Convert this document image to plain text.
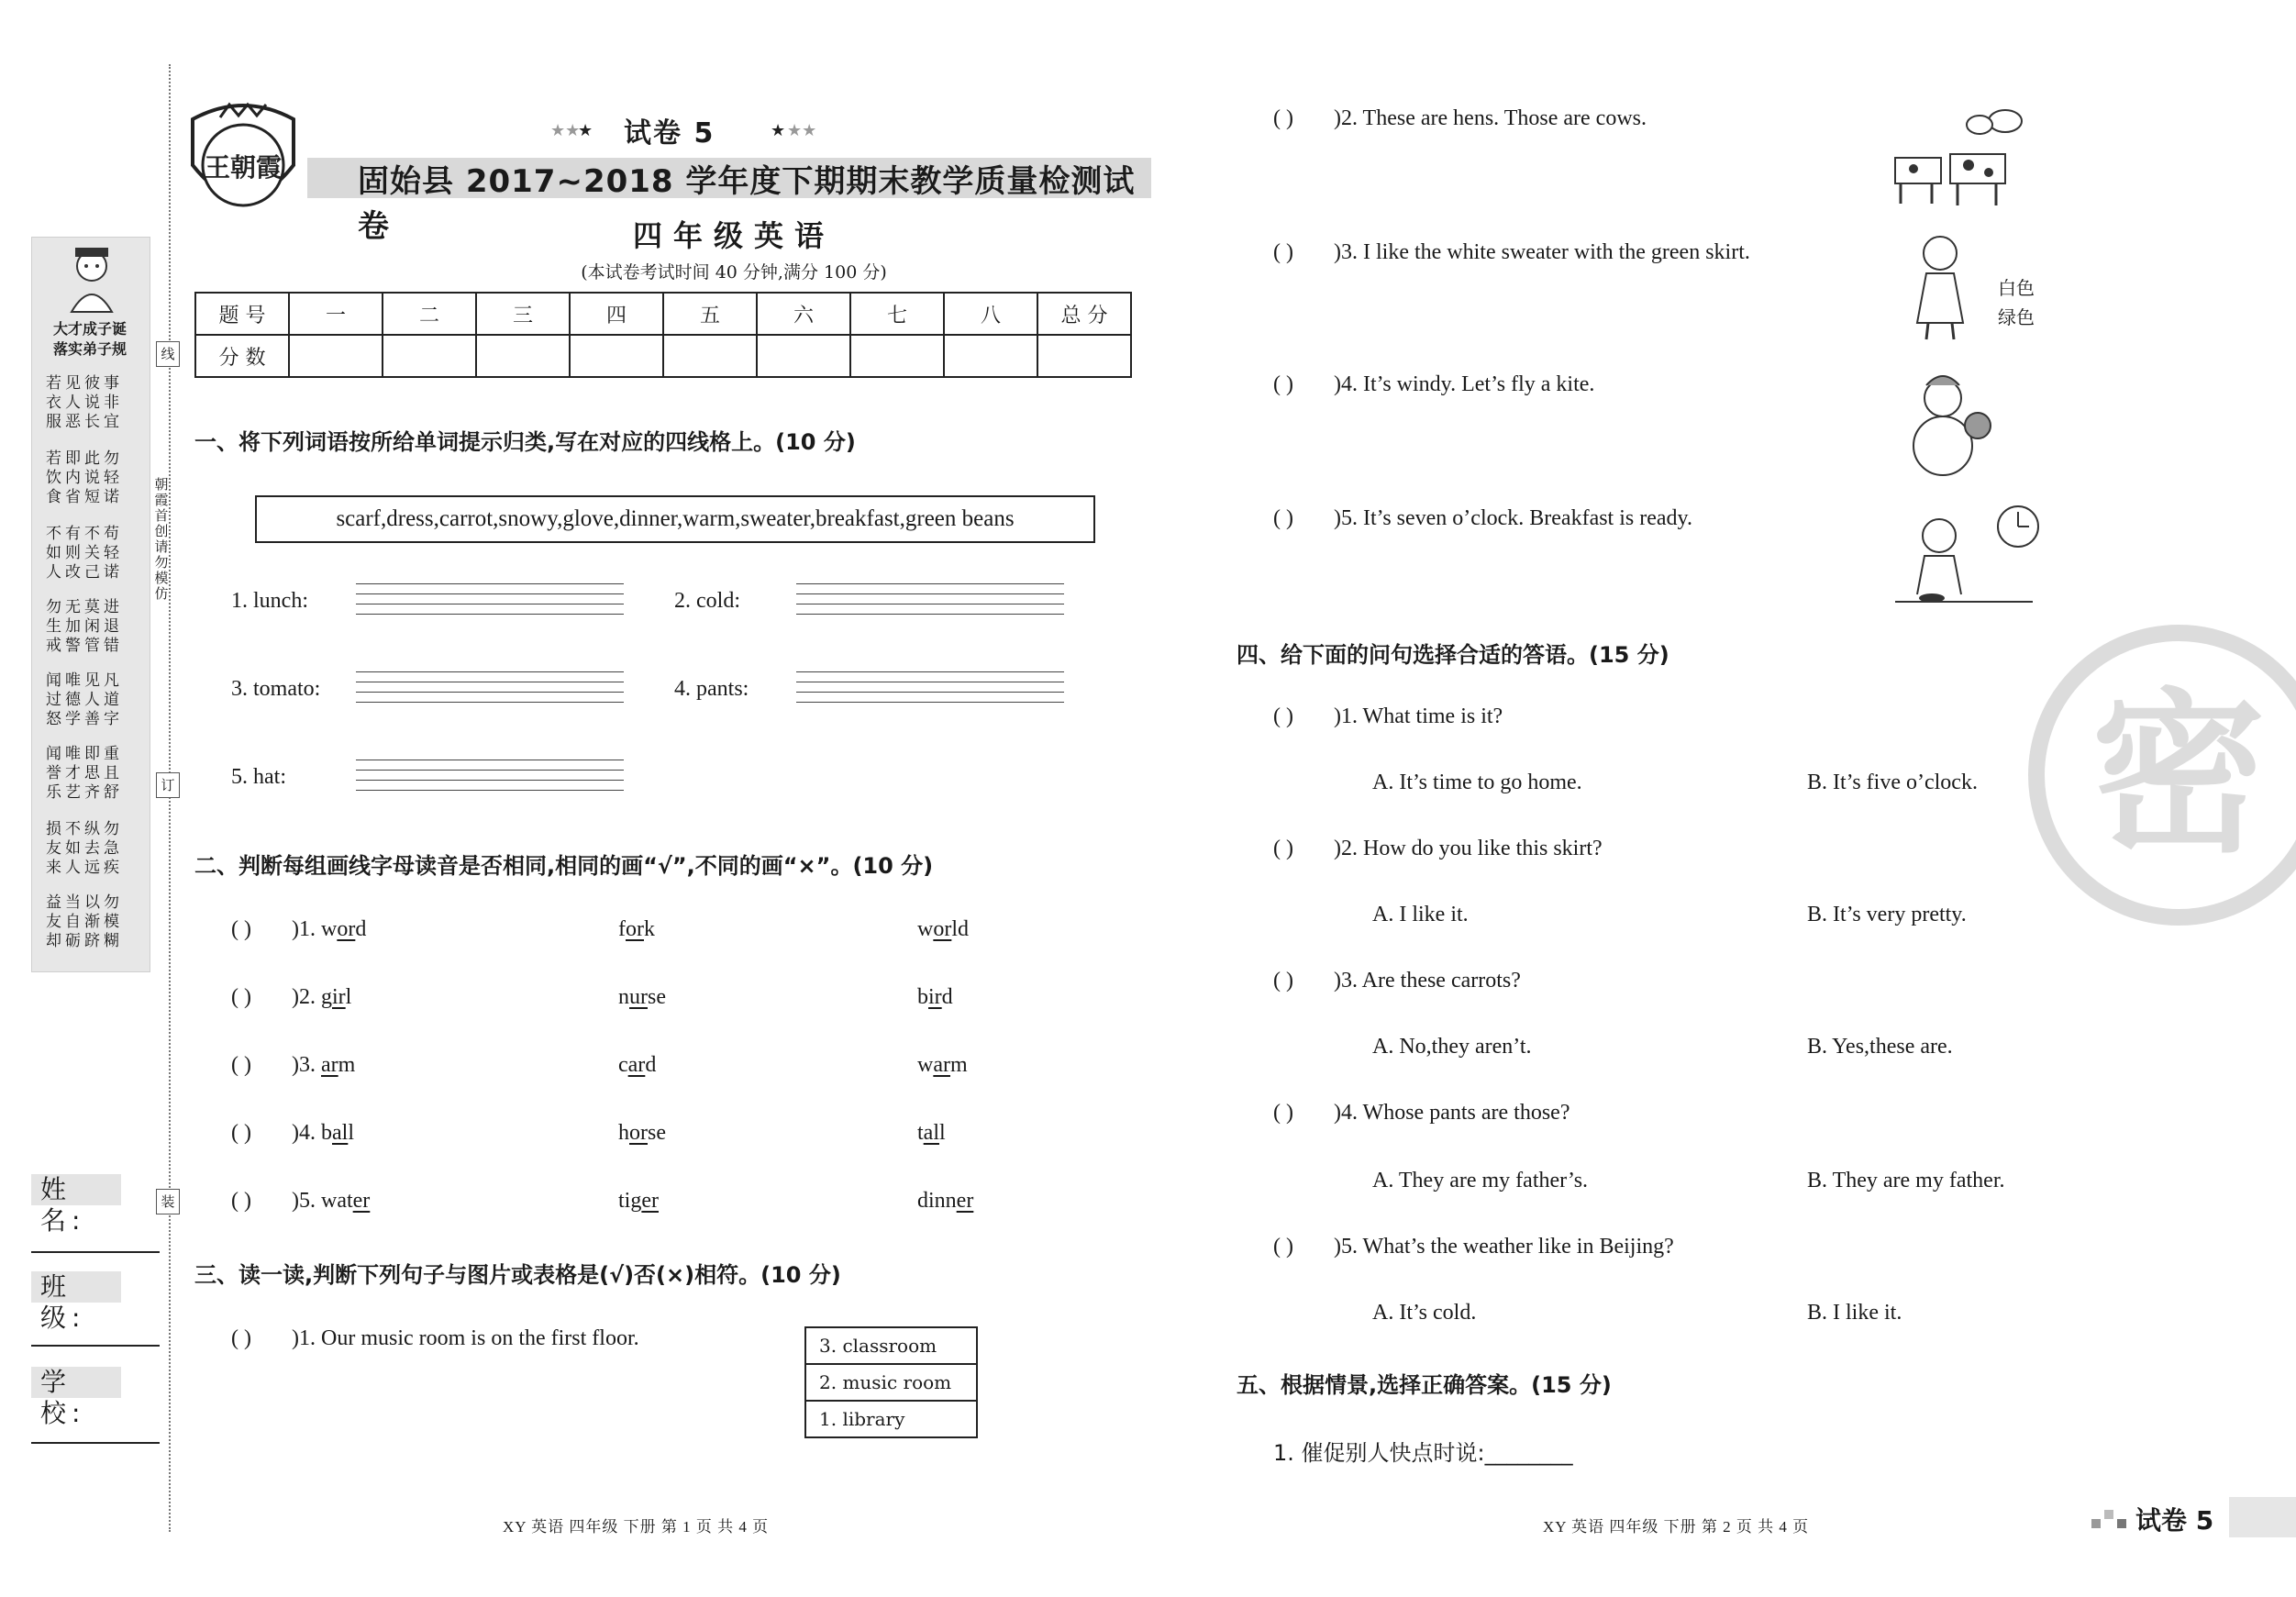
大才成子诞
落实弟子规
若见彼事
衣人说非
服恶长宜
若即此勿
饮内说轻
食省短诺
不有不苟
如则关轻
人改己诺
勿无莫进
生加闲退
戒警管错
闻唯见凡
过德人道
怒学善字
闻唯即重
誉才思且
乐艺齐舒
损不纵勿
友如去急
来人远疾
益当以勿
友自渐模
却砺跻糊
朝霞首创 请勿模仿
线
订
装
姓 名:
班 级:
学 校:
王朝霞
★★
★	★ ★★
试卷 5
固始县 2017~2018 学年度下期期末教学质量检测试卷	四年级英语
(本试卷考试时间 40 分钟,满分 100 分)
题 号	一	二	三	四	五	六	七	八	总 分
分 数									
一、将下列词语按所给单词提示归类,写在对应的四线格上。(10 分)
scarf,dress,carrot,snowy,glove,dinner,warm,sweater,breakfast,green beans
1. lunch:	2. cold:
3. tomato:	4. pants:
5. hat:
二、判断每组画线字母读音是否相同,相同的画“√”,不同的画“×”。(10 分)
( ) )1. word	fork	world
( ) )2. girl	nurse	bird
( ) )3. arm	card	warm
( ) )4. ball	horse	tall
( ) )5. water	tiger	dinner
三、读一读,判断下列句子与图片或表格是(√)否(×)相符。(10 分)
( ) )1. Our music room is on the first floor.	3. classroom
2. music room
1. library
( ) )2. These are hens. Those are cows.
( ) )3. I like the white sweater with the green skirt.
白色
绿色
( ) )4. It’s windy. Let’s fly a kite.
( ) )5. It’s seven o’clock. Breakfast is ready.
四、给下面的问句选择合适的答语。(15 分)
( ) )1. What time is it?
A. It’s time to go home.	B. It’s five o’clock.
( ) )2. How do you like this skirt?
A. I like it.	B. It’s very pretty.
( ) )3. Are these carrots?
A. No,they aren’t.	B. Yes,these are.
( ) )4. Whose pants are those?
A. They are my father’s.	B. They are my father.
( ) )5. What’s the weather like in Beijing?
A. It’s cold.	B. I like it.
五、根据情景,选择正确答案。(15 分)
1. 催促别人快点时说:________
密
XY 英语 四年级 下册 第 1 页 共 4 页	XY 英语 四年级 下册 第 2 页 共 4 页	试卷 5
